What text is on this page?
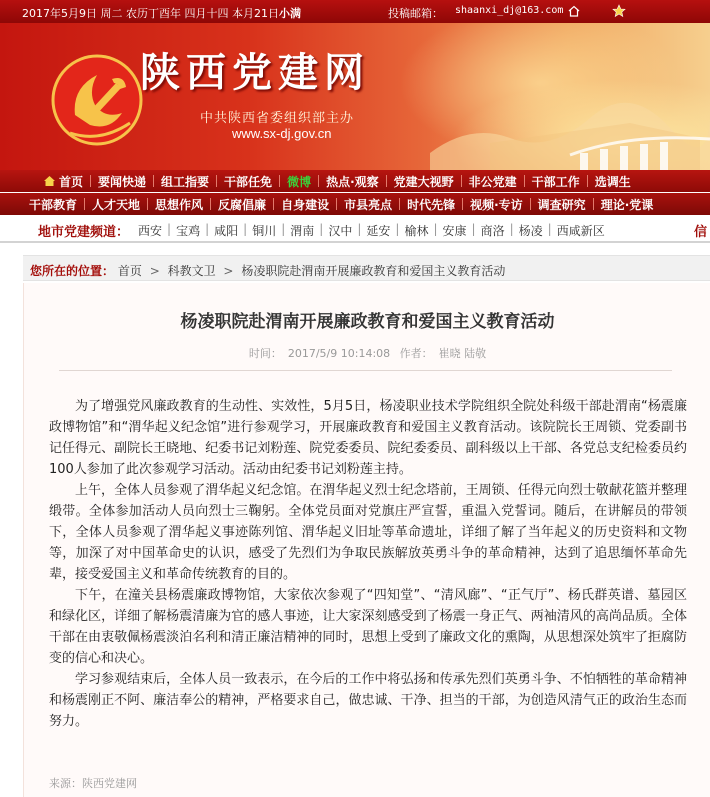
2017年5月9日 周二 农历丁酉年 四月十四 本月21日小满	投稿邮箱： shaanxi_dj@163.com
陕西党建网
中共陕西省委组织部主办
www.sx-dj.gov.cn
首页 要闻快递 组工指要 干部任免 微博 热点·观察 党建大视野 非公党建 干部工作 选调生
干部教育 人才天地 思想作风 反腐倡廉 自身建设 市县亮点 时代先锋 视频·专访 调查研究 理论·党课
地市党建频道： 西安 | 宝鸡 | 咸阳 | 铜川 | 渭南 | 汉中 | 延安 | 榆林 | 安康 | 商洛 | 杨凌 | 西咸新区	信
您所在的位置： 首页 > 科教文卫 > 杨凌职院赴渭南开展廉政教育和爱国主义教育活动
杨凌职院赴渭南开展廉政教育和爱国主义教育活动
时间： 2017/5/9 10:14:08 作者： 崔晓 陆敬

为了增强党风廉政教育的生动性、实效性，5月5日，杨凌职业技术学院组织全院处科级干部赴渭南“杨震廉政博物馆”和“渭华起义纪念馆”进行参观学习，开展廉政教育和爱国主义教育活动。该院院长王周锁、党委副书记任得元、副院长王晓地、纪委书记刘粉莲、院党委委员、院纪委委员、副科级以上干部、各党总支纪检委员约100人参加了此次参观学习活动。活动由纪委书记刘粉莲主持。

上午，全体人员参观了渭华起义纪念馆。在渭华起义烈士纪念塔前，王周锁、任得元向烈士敬献花篮并整理缎带。全体参加活动人员向烈士三鞠躬。全体党员面对党旗庄严宣誓，重温入党誓词。随后，在讲解员的带领下，全体人员参观了渭华起义事迹陈列馆、渭华起义旧址等革命遗址，详细了解了当年起义的历史资料和文物等，加深了对中国革命史的认识，感受了先烈们为争取民族解放英勇斗争的革命精神，达到了追思缅怀革命先辈，接受爱国主义和革命传统教育的目的。

下午，在潼关县杨震廉政博物馆，大家依次参观了“四知堂”、“清风廊”、“正气厅”、杨氏群英谱、墓园区和绿化区，详细了解杨震清廉为官的感人事迹，让大家深刻感受到了杨震一身正气、两袖清风的高尚品质。全体干部在由衷敬佩杨震淡泊名利和清正廉洁精神的同时，思想上受到了廉政文化的熏陶，从思想深处筑牢了拒腐防变的信心和决心。

学习参观结束后，全体人员一致表示，在今后的工作中将弘扬和传承先烈们英勇斗争、不怕牺牲的革命精神和杨震刚正不阿、廉洁奉公的精神，严格要求自己，做忠诚、干净、担当的干部，为创造风清气正的政治生态而努力。

来源：陕西党建网
